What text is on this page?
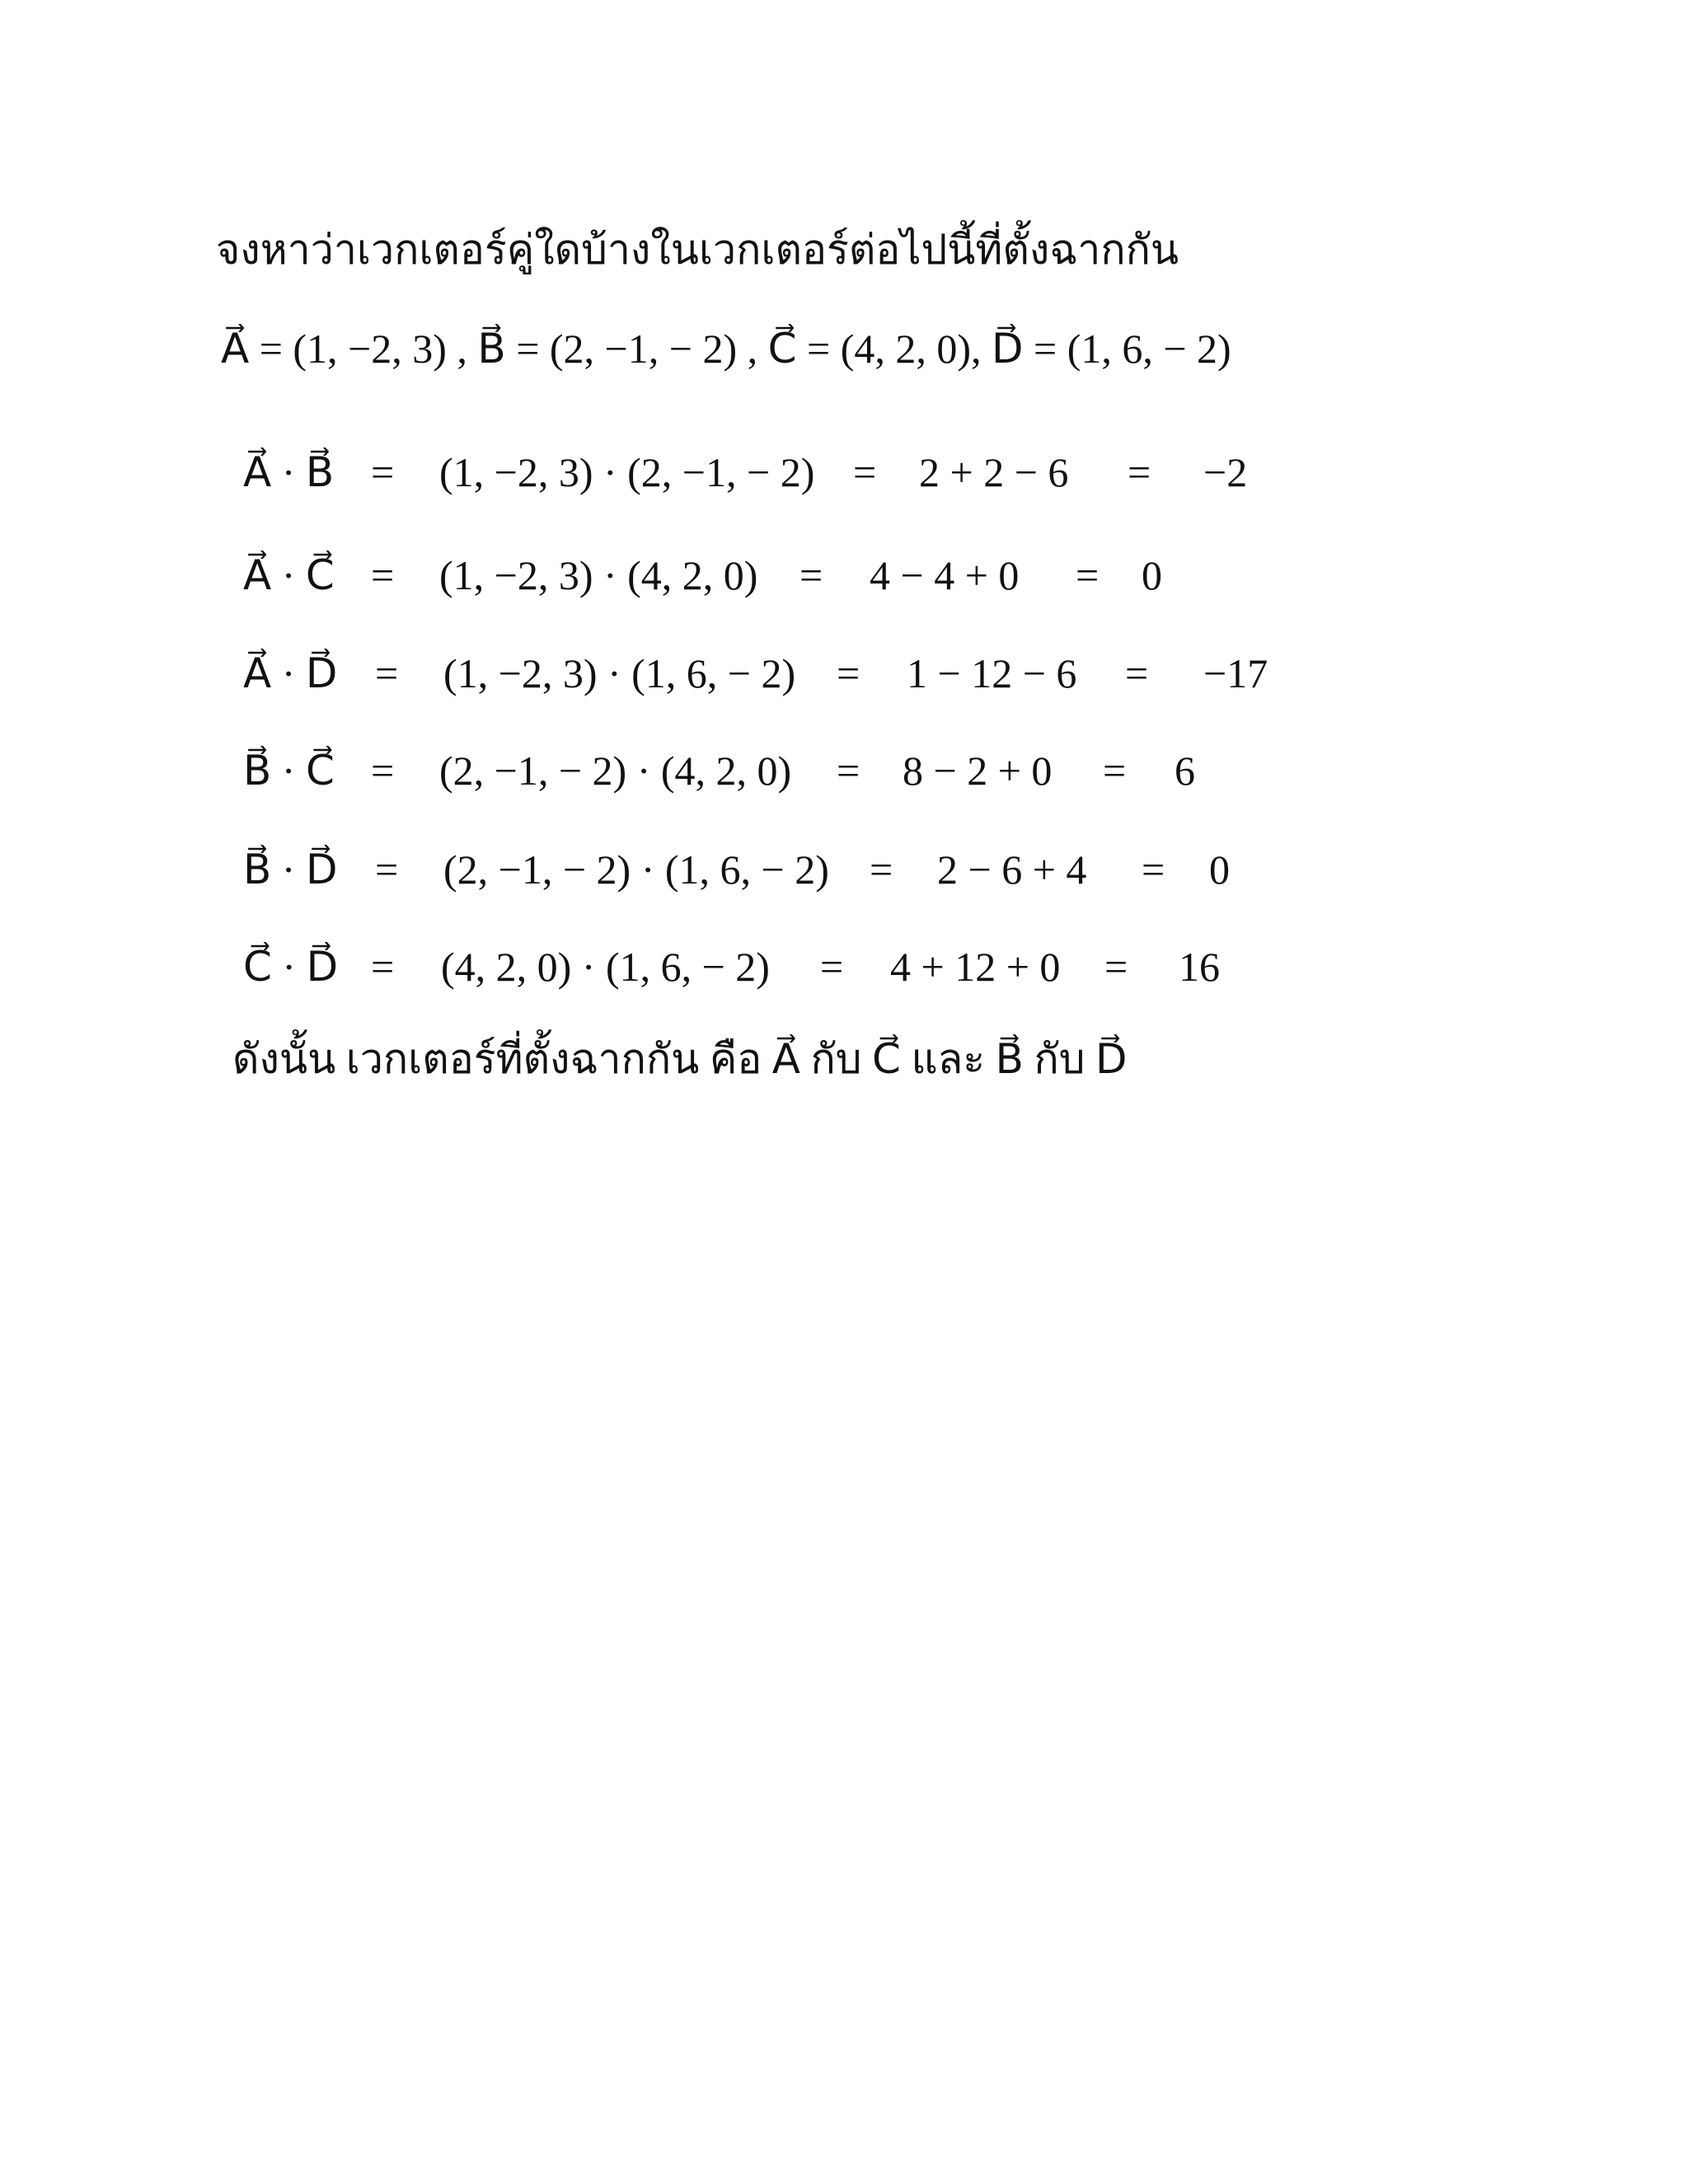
จงหาว่าเวกเตอร์คู่ใดบ้างในเวกเตอร์ต่อไปนี้ที่ตั้งฉากกัน
A⃗ = (1, −2, 3) , B⃗ = (2, −1, − 2) , C⃗ = (4, 2, 0), D⃗ = (1, 6, − 2)
A⃗ · B⃗ = (1, −2, 3) · (2, −1, − 2) = 2 + 2 − 6 = −2
A⃗ · C⃗ = (1, −2, 3) · (4, 2, 0) = 4 − 4 + 0 = 0
A⃗ · D⃗ = (1, −2, 3) · (1, 6, − 2) = 1 − 12 − 6 = −17
B⃗ · C⃗ = (2, −1, − 2) · (4, 2, 0) = 8 − 2 + 0 = 6
B⃗ · D⃗ = (2, −1, − 2) · (1, 6, − 2) = 2 − 6 + 4 = 0
C⃗ · D⃗ = (4, 2, 0) · (1, 6, − 2) = 4 + 12 + 0 = 16
ดังนั้น เวกเตอร์ที่ตั้งฉากกัน คือ A⃗ กับ C⃗ และ B⃗ กับ D⃗
